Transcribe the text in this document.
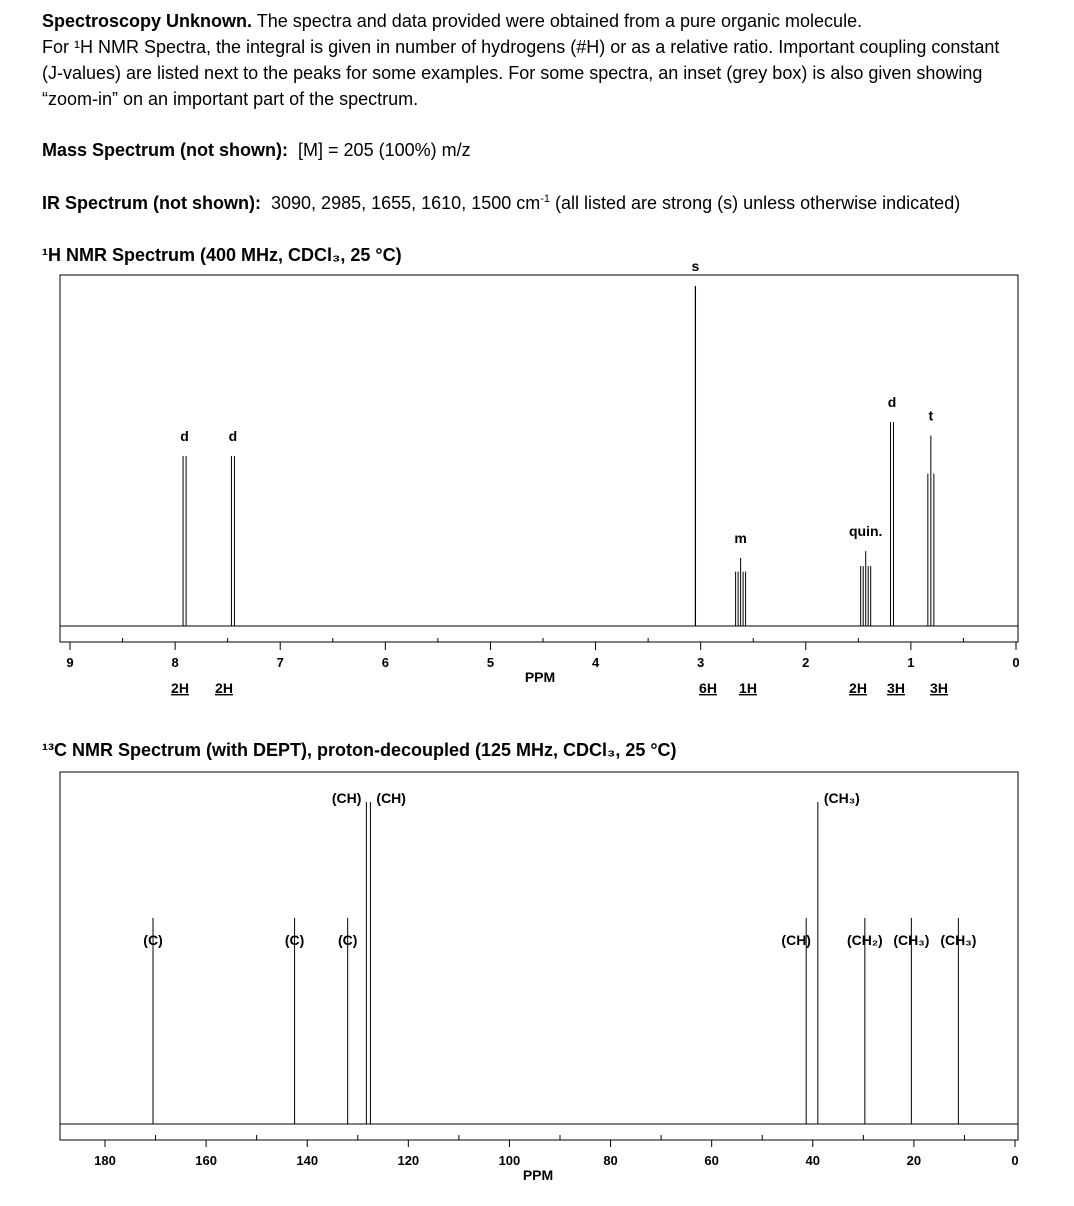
Spectroscopy Unknown. The spectra and data provided were obtained from a pure organic molecule.

For ¹H NMR Spectra, the integral is given in number of hydrogens (#H) or as a relative ratio. Important coupling constant

(J-values) are listed next to the peaks for some examples. For some spectra, an inset (grey box) is also given showing

“zoom-in” on an important part of the spectrum.

Mass Spectrum (not shown): [M] = 205 (100%) m/z
IR Spectrum (not shown): 3090, 2985, 1655, 1610, 1500 $cm^{-1}$ (all listed are strong (s) unless otherwise indicated)
¹H NMR Spectrum (400 MHz, CDCl₃, 25 °C)
9	8	7	6	5	4	3	2	1	0
PPM
d	d
s
m	quin.
d
t
2H 2H	6H 1H	2H 3H 3H
¹³C NMR Spectrum (with DEPT), proton-decoupled (125 MHz, CDCl₃, 25 °C)
180	160	140	120	100	80	60	40	20	0
PPM
(C)	(C) (C)
(CH) (CH)
(CH)
(CH₃)
(CH₂) (CH₃) (CH₃)
